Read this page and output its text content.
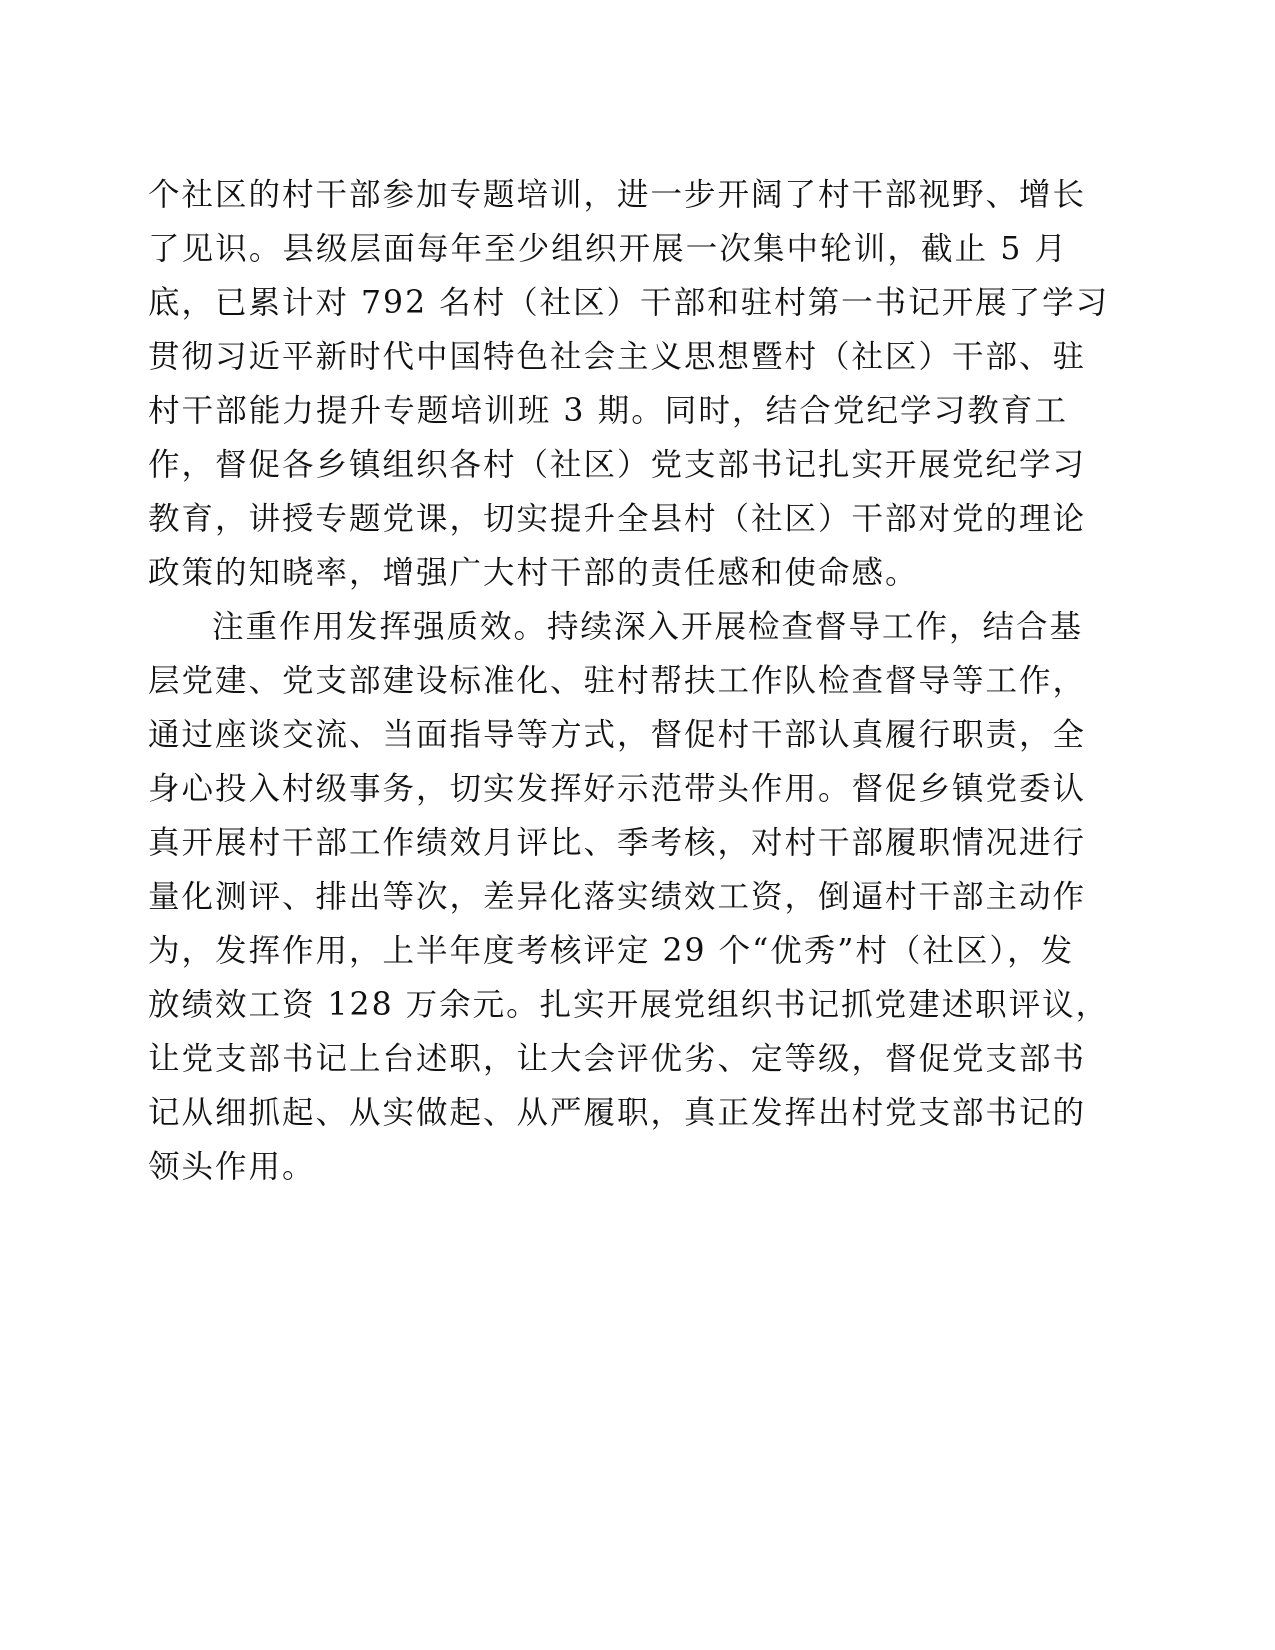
个社区的村干部参加专题培训，进一步开阔了村干部视野、增长

了见识。县级层面每年至少组织开展一次集中轮训，截止 5 月

底，已累计对 792 名村（社区）干部和驻村第一书记开展了学习

贯彻习近平新时代中国特色社会主义思想暨村（社区）干部、驻

村干部能力提升专题培训班 3 期。同时，结合党纪学习教育工

作，督促各乡镇组织各村（社区）党支部书记扎实开展党纪学习

教育，讲授专题党课，切实提升全县村（社区）干部对党的理论

政策的知晓率，增强广大村干部的责任感和使命感。

注重作用发挥强质效。持续深入开展检查督导工作，结合基

层党建、党支部建设标准化、驻村帮扶工作队检查督导等工作，

通过座谈交流、当面指导等方式，督促村干部认真履行职责，全

身心投入村级事务，切实发挥好示范带头作用。督促乡镇党委认

真开展村干部工作绩效月评比、季考核，对村干部履职情况进行

量化测评、排出等次，差异化落实绩效工资，倒逼村干部主动作

为，发挥作用，上半年度考核评定 29 个“优秀”村（社区），发

放绩效工资 128 万余元。扎实开展党组织书记抓党建述职评议，

让党支部书记上台述职，让大会评优劣、定等级，督促党支部书

记从细抓起、从实做起、从严履职，真正发挥出村党支部书记的

领头作用。
